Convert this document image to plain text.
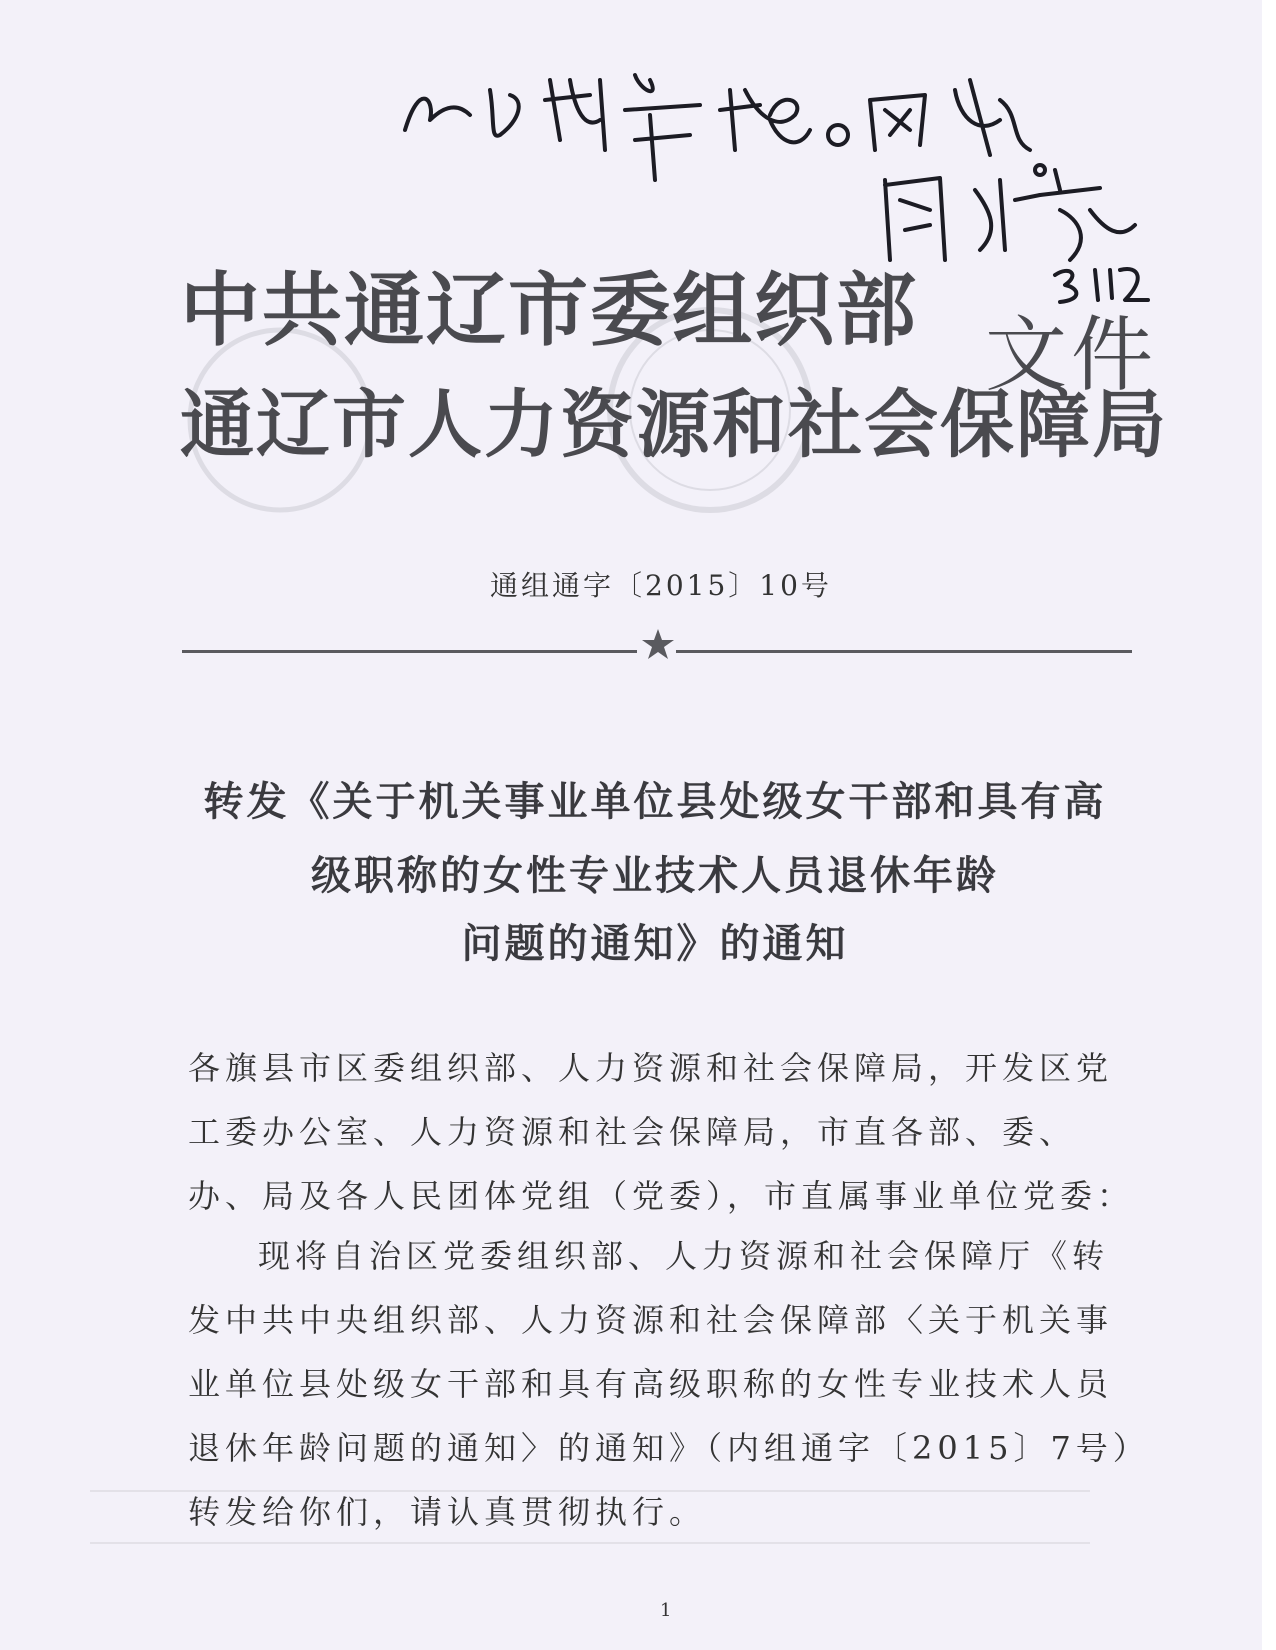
中共通辽市委组织部
通辽市人力资源和社会保障局
文件
通组通字〔2015〕10号
转发《关于机关事业单位县处级女干部和具有高
级职称的女性专业技术人员退休年龄
问题的通知》的通知
各旗县市区委组织部、人力资源和社会保障局，开发区党工委办公室、人力资源和社会保障局，市直各部、委、办、局及各人民团体党组（党委），市直属事业单位党委：
现将自治区党委组织部、人力资源和社会保障厅《转发中共中央组织部、人力资源和社会保障部〈关于机关事业单位县处级女干部和具有高级职称的女性专业技术人员退休年龄问题的通知〉的通知》（内组通字〔2015〕7号）转发给你们，请认真贯彻执行。
1
